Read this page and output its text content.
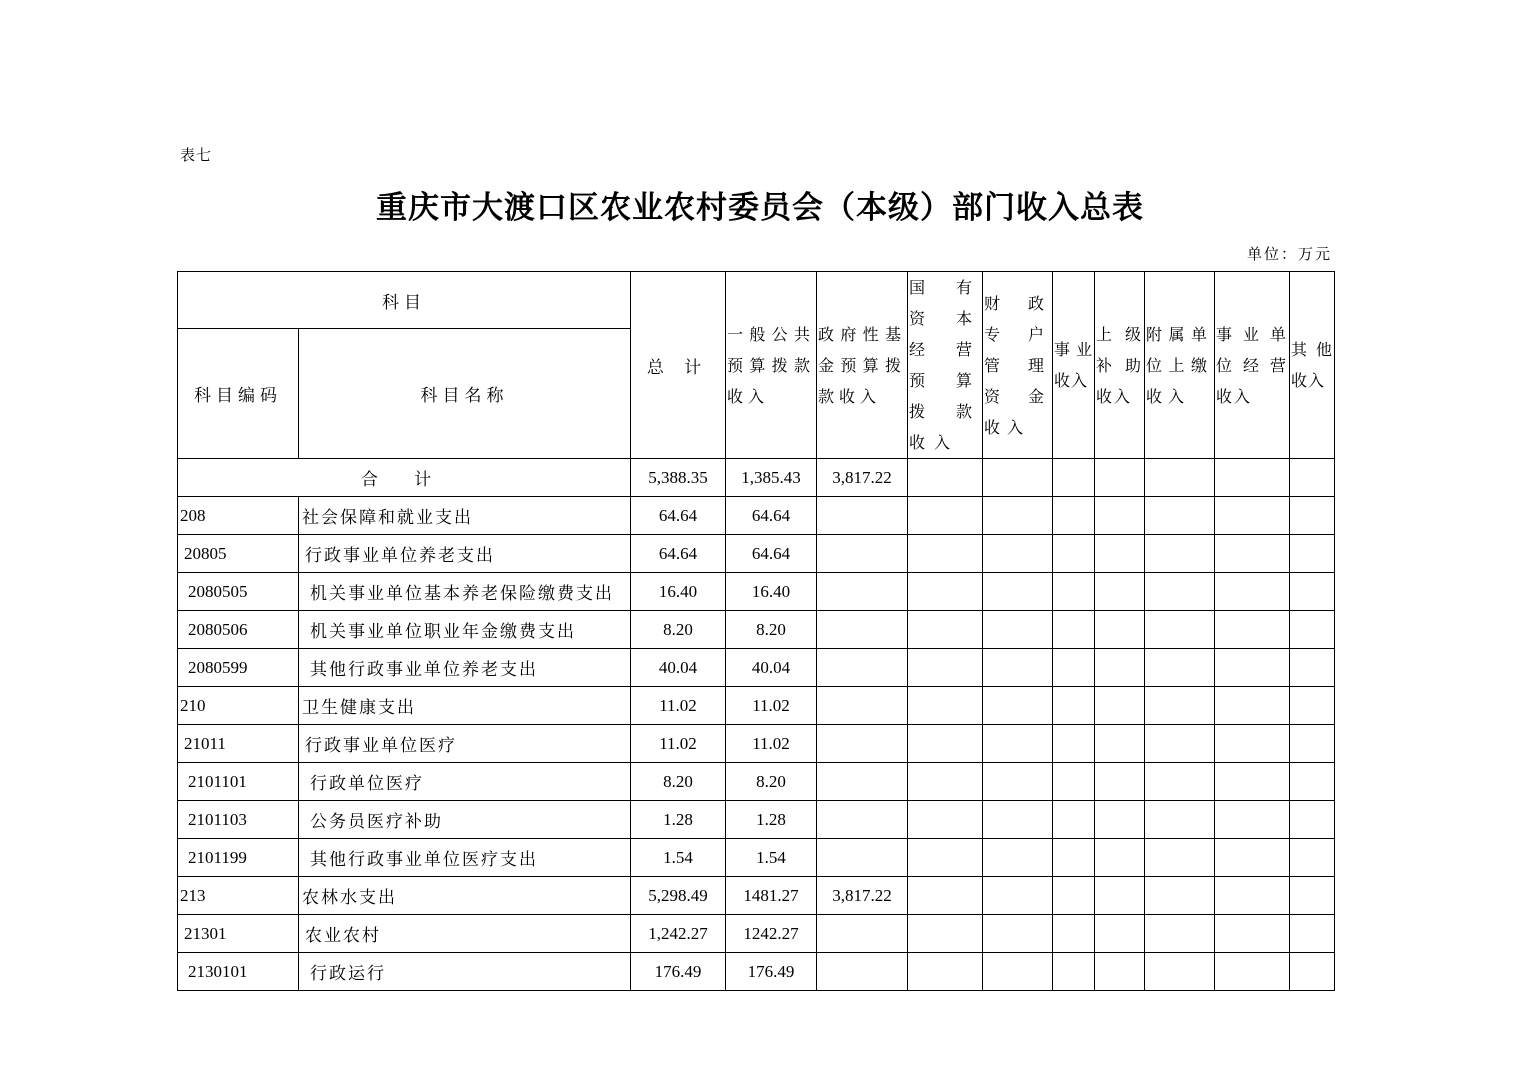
表七
重庆市大渡口区农业农村委员会（本级）部门收入总表
单位：万元
科目		总 计	一般公共预算拨款收入	政府性基金预算拨款收入	国有资本经营预算拨款收入	财政专户管理资金收入	事业收入	上 级补 助收入	附属单位上缴收入	事 业 单位 经 营收入	其他收入

科目编码	科目名称										
合 计		5,388.35	1,385.43	3,817.22							
208	社会保障和就业支出	64.64	64.64								
20805	行政事业单位养老支出	64.64	64.64								
2080505	机关事业单位基本养老保险缴费支出	16.40	16.40								
2080506	机关事业单位职业年金缴费支出	8.20	8.20								
2080599	其他行政事业单位养老支出	40.04	40.04								
210	卫生健康支出	11.02	11.02								
21011	行政事业单位医疗	11.02	11.02								
2101101	行政单位医疗	8.20	8.20								
2101103	公务员医疗补助	1.28	1.28								
2101199	其他行政事业单位医疗支出	1.54	1.54								
213	农林水支出	5,298.49	1481.27	3,817.22							
21301	农业农村	1,242.27	1242.27								
2130101	行政运行	176.49	176.49								
